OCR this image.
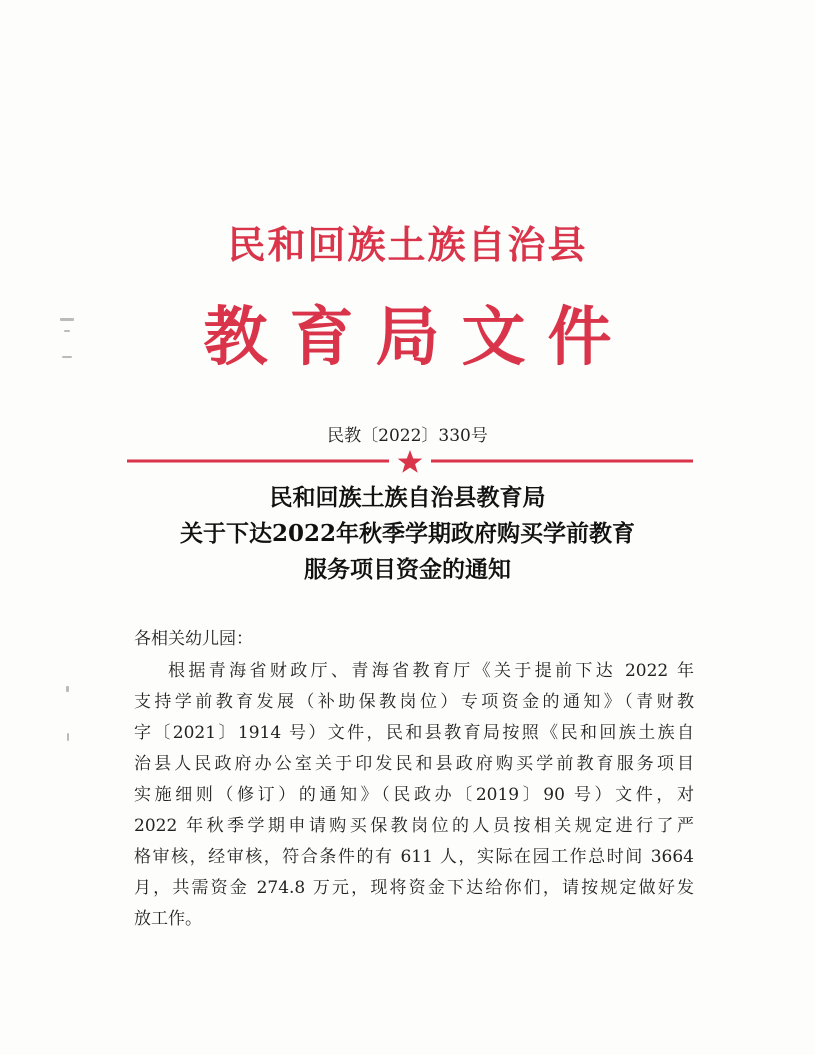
民和回族土族自治县
教育局文件
民教〔2022〕330号
民和回族土族自治县教育局
关于下达2022年秋季学期政府购买学前教育
服务项目资金的通知
各相关幼儿园：
根据青海省财政厅、青海省教育厅《关于提前下达 2022 年
支持学前教育发展（补助保教岗位）专项资金的通知》（青财教
字〔2021〕1914 号）文件，民和县教育局按照《民和回族土族自
治县人民政府办公室关于印发民和县政府购买学前教育服务项目
实施细则（修订）的通知》（民政办〔2019〕90 号）文件，对
2022 年秋季学期申请购买保教岗位的人员按相关规定进行了严
格审核，经审核，符合条件的有 611 人，实际在园工作总时间 3664
月，共需资金 274.8 万元，现将资金下达给你们，请按规定做好发
放工作。
